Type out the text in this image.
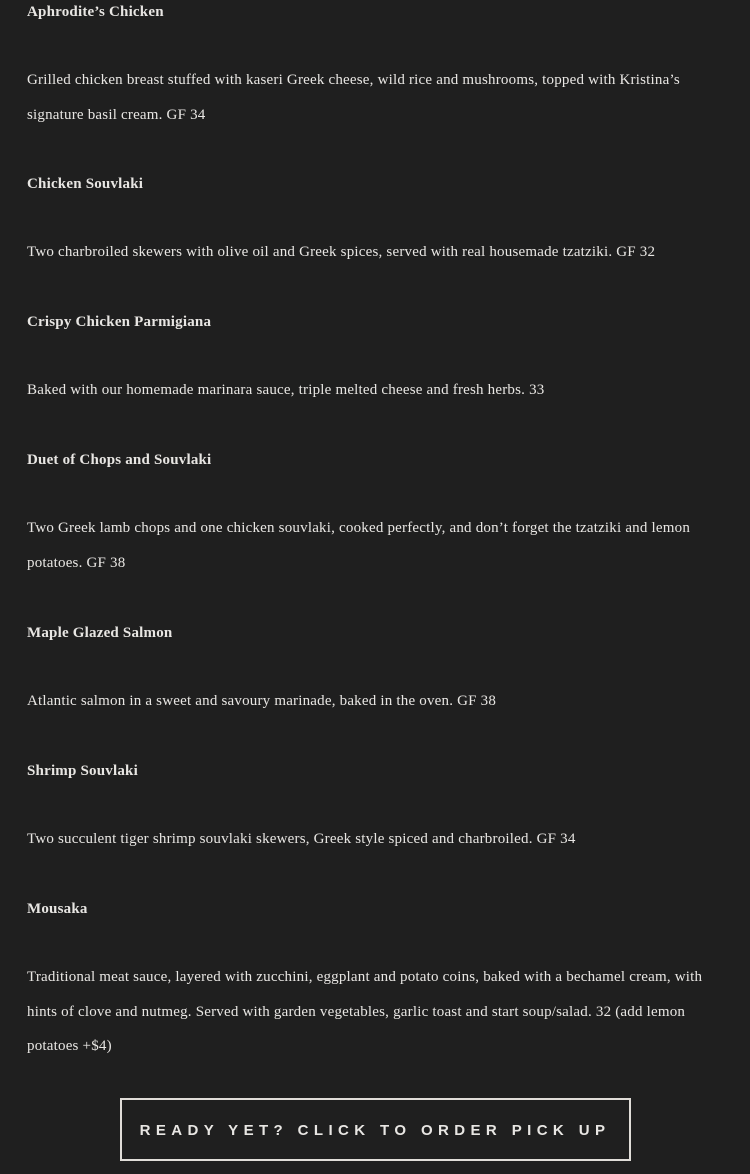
Aphrodite’s Chicken

Grilled chicken breast stuffed with kaseri Greek cheese, wild rice and mushrooms, topped with Kristina’s signature basil cream. GF 34

Chicken Souvlaki

Two charbroiled skewers with olive oil and Greek spices, served with real housemade tzatziki. GF 32

Crispy Chicken Parmigiana

Baked with our homemade marinara sauce, triple melted cheese and fresh herbs. 33

Duet of Chops and Souvlaki

Two Greek lamb chops and one chicken souvlaki, cooked perfectly, and don’t forget the tzatziki and lemon potatoes. GF 38

Maple Glazed Salmon

Atlantic salmon in a sweet and savoury marinade, baked in the oven. GF 38

Shrimp Souvlaki

Two succulent tiger shrimp souvlaki skewers, Greek style spiced and charbroiled. GF 34

Mousaka

Traditional meat sauce, layered with zucchini, eggplant and potato coins, baked with a bechamel cream, with hints of clove and nutmeg. Served with garden vegetables, garlic toast and start soup/salad. 32 (add lemon potatoes +$4)

READY YET? CLICK TO ORDER PICK UP
